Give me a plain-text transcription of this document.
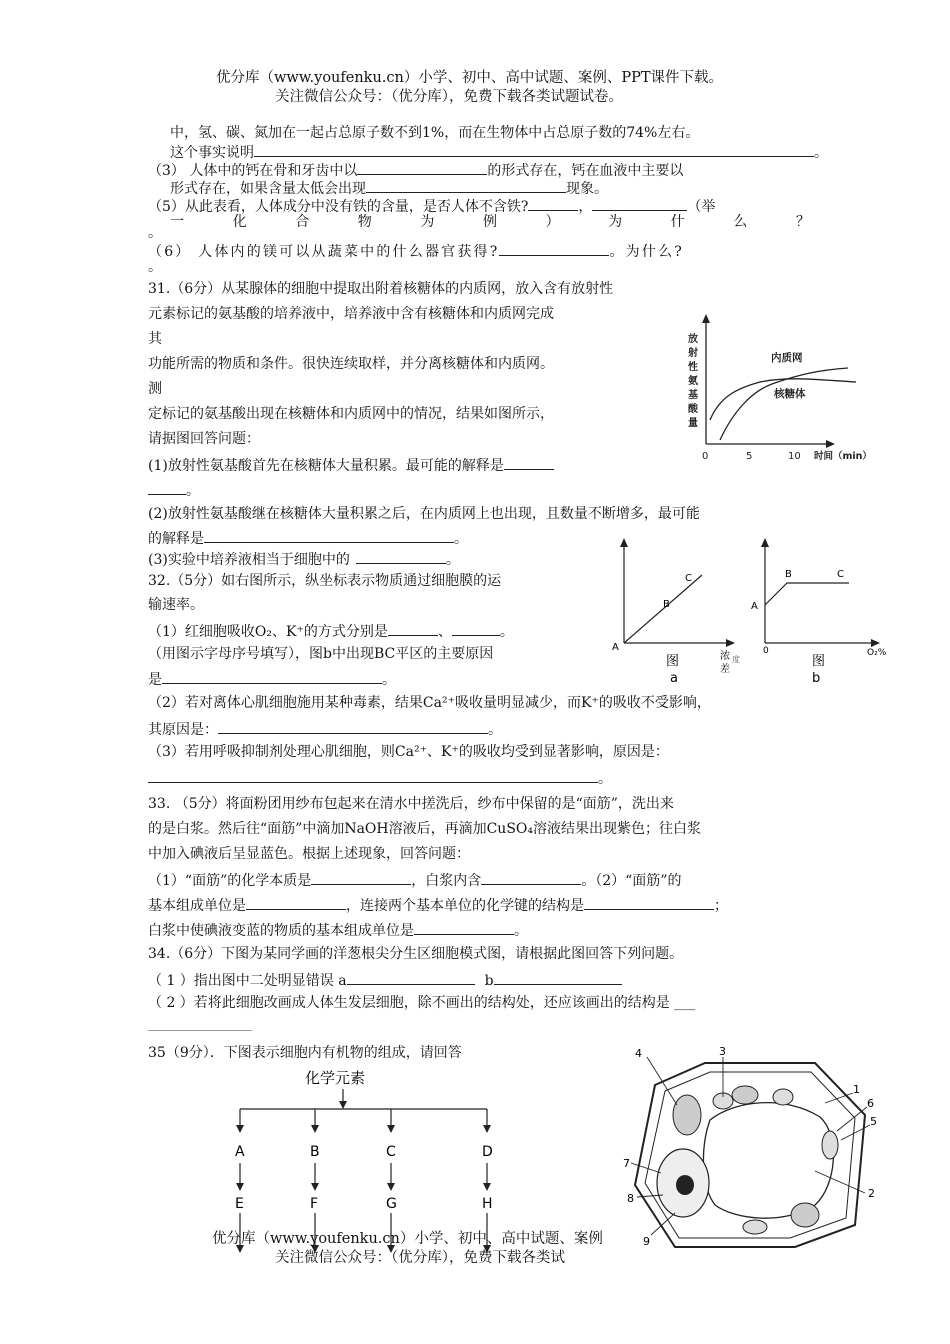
优分库（www.youfenku.cn）小学、初中、高中试题、案例、PPT课件下载。
关注微信公众号：（优分库），免费下载各类试题试卷。
中，氢、碳、氮加在一起占总原子数不到1%，而在生物体中占总原子数的74%左右。
这个事实说明	。
（3） 人体中的钙在骨和牙齿中以	的形式存在，钙在血液中主要以
形式存在，如果含量太低会出现	现象。
（5）从此表看，人体成分中没有铁的含量，是否人体不含铁?	，	（举
一	化	合	物	为	例	）	为	什	么	？
。
（6） 人体内的镁可以从蔬菜中的什么器官获得?	。为什么?
。
31.（6分）从某腺体的细胞中提取出附着核糖体的内质网，放入含有放射性
元素标记的氨基酸的培养液中，培养液中含有核糖体和内质网完成
其
功能所需的物质和条件。很快连续取样，并分离核糖体和内质网。
测
定标记的氨基酸出现在核糖体和内质网中的情况，结果如图所示，
请据图回答问题：
(1)放射性氨基酸首先在核糖体大量积累。最可能的解释是
。
(2)放射性氨基酸继在核糖体大量积累之后，在内质网上也出现，且数量不断增多，最可能
的解释是	。
(3)实验中培养液相当于细胞中的	。
放
射
性
氨
基
酸
量
内质网
核糖体
0	5	10 时间（min）
32.（5分）如右图所示，纵坐标表示物质通过细胞膜的运
输速率。
（1）红细胞吸收O₂、K⁺的方式分别是	、	。
（用图示字母序号填写），图b中出现BC平区的主要原因
是	。
（2）若对离体心肌细胞施用某种毒素，结果Ca²⁺吸收量明显减少，而K⁺的吸收不受影响，
其原因是：	。
（3）若用呼吸抑制剂处理心肌细胞，则Ca²⁺、K⁺的吸收均受到显著影响，原因是：
。
A
B
C
图
a
浓
差
度
A
B	C
0
图
b
O₂%
33. （5分）将面粉团用纱布包起来在清水中搓洗后，纱布中保留的是“面筋”，洗出来
的是白浆。然后往“面筋”中滴加NaOH溶液后，再滴加CuSO₄溶液结果出现紫色；往白浆
中加入碘液后呈显蓝色。根据上述现象，回答问题：
（1）“面筋”的化学本质是	，白浆内含	。（2）“面筋”的
基本组成单位是	，连接两个基本单位的化学键的结构是	；
白浆中使碘液变蓝的物质的基本组成单位是	。
34.（6分）下图为某同学画的洋葱根尖分生区细胞模式图，请根据此图回答下列问题。
（ 1 ）指出图中二处明显错误 a	b
（ 2 ）若将此细胞改画成人体生发层细胞，除不画出的结构处，还应该画出的结构是 ___
35（9分）．下图表示细胞内有机物的组成，请回答
化学元素
A	B	C	D
E	F	G	H
3
4
1
6
5
2
7
8
9
优分库（www.youfenku.cn）小学、初中、高中试题、案例
关注微信公众号：（优分库），免费下载各类试
